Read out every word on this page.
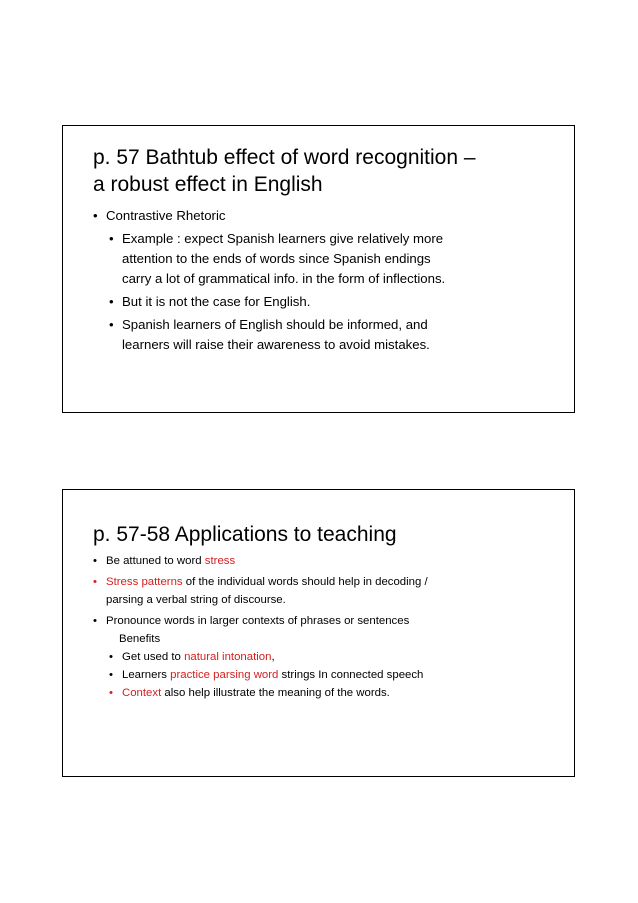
p. 57 Bathtub effect of word recognition –
a robust effect in English
• Contrastive Rhetoric
• Example : expect Spanish learners give relatively more
attention to the ends of words since Spanish endings
carry a lot of grammatical info. in the form of inflections.
• But it is not the case for English.
• Spanish learners of English should be informed, and
learners will raise their awareness to avoid mistakes.
p. 57-58 Applications to teaching
• Be attuned to word stress
• Stress patterns of the individual words should help in decoding /
parsing a verbal string of discourse.
• Pronounce words in larger contexts of phrases or sentences
Benefits
• Get used to natural intonation,
• Learners practice parsing word strings In connected speech
• Context also help illustrate the meaning of the words.
